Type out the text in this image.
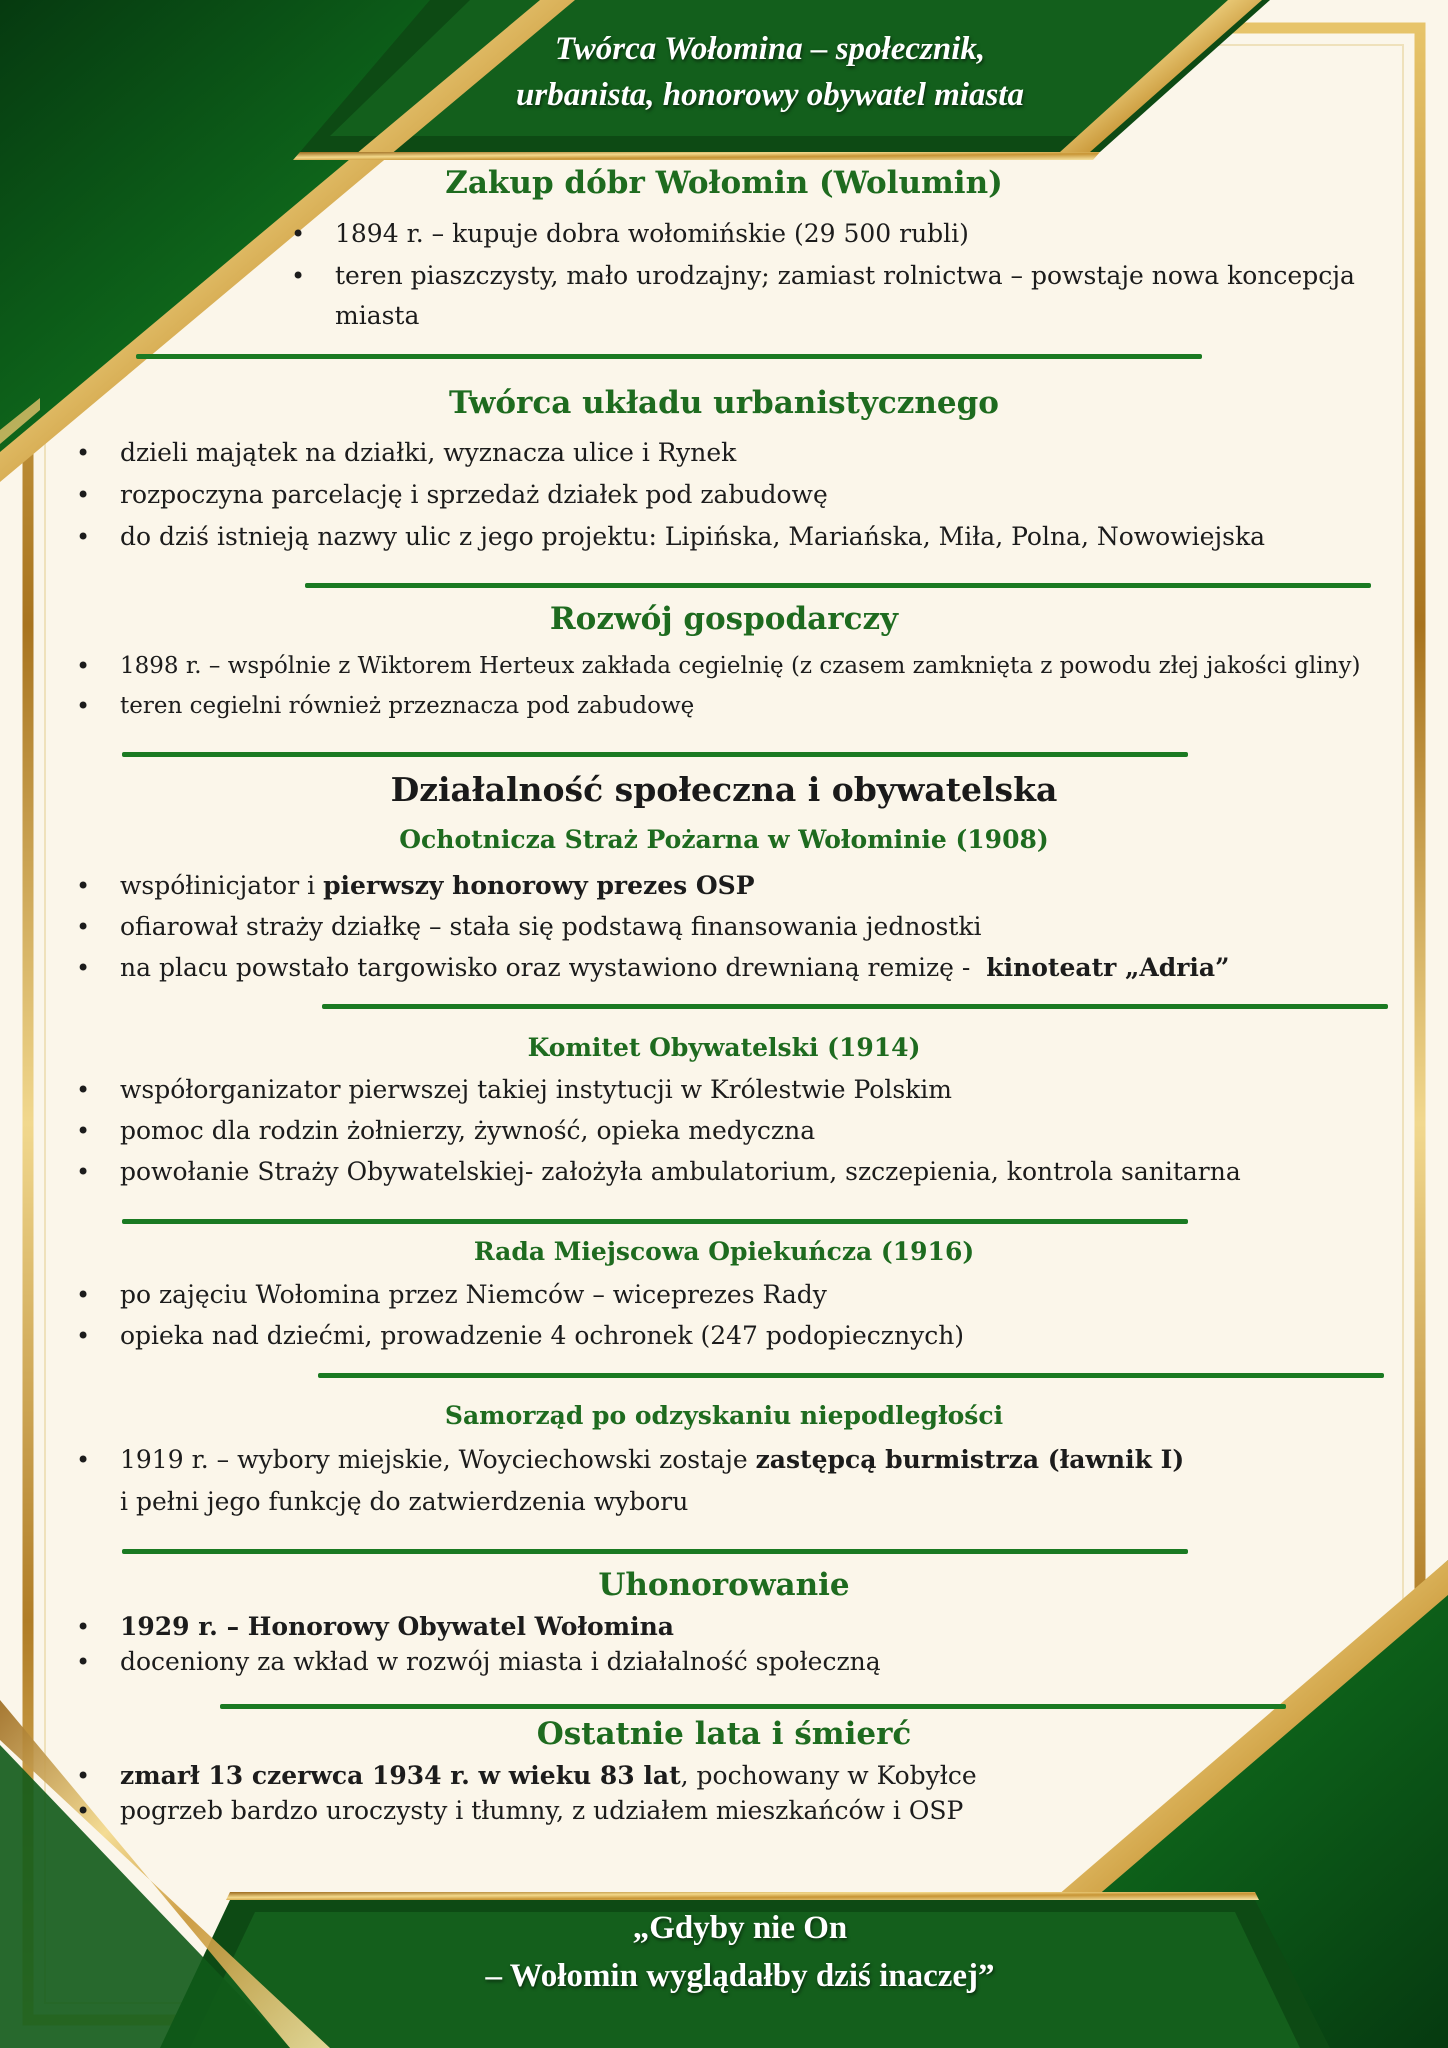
Twórca Wołomina – społecznik,
urbanista, honorowy obywatel miasta
Zakup dóbr Wołomin (Wolumin)
• 1894 r. – kupuje dobra wołomińskie (29 500 rubli)
• teren piaszczysty, mało urodzajny; zamiast rolnictwa – powstaje nowa koncepcja miasta
Twórca układu urbanistycznego
• dzieli majątek na działki, wyznacza ulice i Rynek
• rozpoczyna parcelację i sprzedaż działek pod zabudowę
• do dziś istnieją nazwy ulic z jego projektu: Lipińska, Mariańska, Miła, Polna, Nowowiejska
Rozwój gospodarczy
• 1898 r. – wspólnie z Wiktorem Herteux zakłada cegielnię (z czasem zamknięta z powodu złej jakości gliny)
• teren cegielni również przeznacza pod zabudowę
Działalność społeczna i obywatelska
Ochotnicza Straż Pożarna w Wołominie (1908)
• współinicjator i pierwszy honorowy prezes OSP
• ofiarował straży działkę – stała się podstawą finansowania jednostki
• na placu powstało targowisko oraz wystawiono drewnianą remizę -  kinoteatr „Adria”
Komitet Obywatelski (1914)
• współorganizator pierwszej takiej instytucji w Królestwie Polskim
• pomoc dla rodzin żołnierzy, żywność, opieka medyczna
• powołanie Straży Obywatelskiej- założyła ambulatorium, szczepienia, kontrola sanitarna
Rada Miejscowa Opiekuńcza (1916)
• po zajęciu Wołomina przez Niemców – wiceprezes Rady
• opieka nad dziećmi, prowadzenie 4 ochronek (247 podopiecznych)
Samorząd po odzyskaniu niepodległości
• 1919 r. – wybory miejskie, Woyciechowski zostaje zastępcą burmistrza (ławnik I)
i pełni jego funkcję do zatwierdzenia wyboru
Uhonorowanie
• 1929 r. – Honorowy Obywatel Wołomina
• doceniony za wkład w rozwój miasta i działalność społeczną
Ostatnie lata i śmierć
• zmarł 13 czerwca 1934 r. w wieku 83 lat, pochowany w Kobyłce
• pogrzeb bardzo uroczysty i tłumny, z udziałem mieszkańców i OSP
„Gdyby nie On
– Wołomin wyglądałby dziś inaczej”
